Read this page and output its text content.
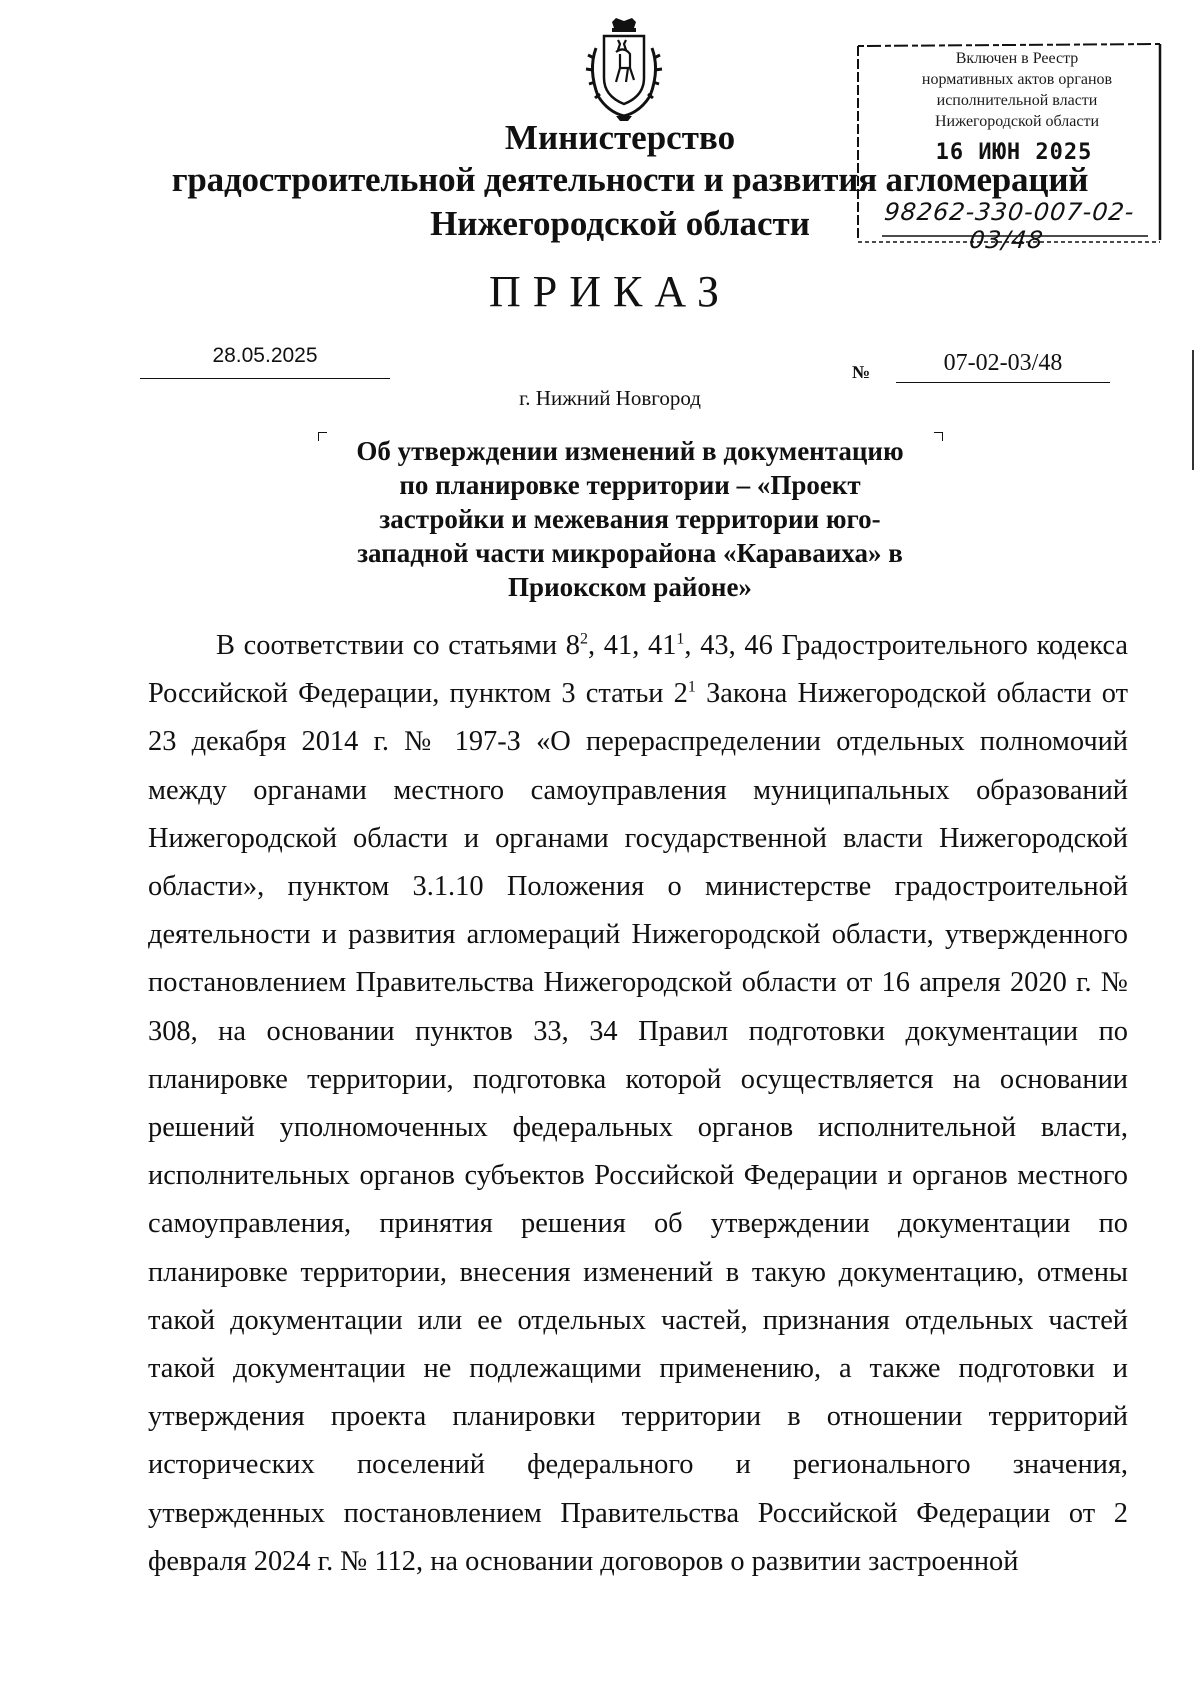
Министерство
градостроительной деятельности и развития агломераций
Нижегородской области
Включен в Реестр
нормативных актов органов
исполнительной власти
Нижегородской области
16 ИЮН 2025
98262-330-007-02-03/48
ПРИКАЗ
28.05.2025
№	07-02-03/48
г. Нижний Новгород
Об утверждении изменений в документацию
по планировке территории – «Проект
застройки и межевания территории юго-
западной части микрорайона «Караваиха» в
Приокском районе»
В соответствии со статьями $8^2$, 41, $41^1$, 43, 46 Градостроительного кодекса Российской Федерации, пунктом 3 статьи $2^1$ Закона Нижегородской области от 23 декабря 2014 г. № 197-З «О перераспределении отдельных полномочий между органами местного самоуправления муниципальных образований Нижегородской области и органами государственной власти Нижегородской области», пунктом 3.1.10 Положения о министерстве градостроительной деятельности и развития агломераций Нижегородской области, утвержденного постановлением Правительства Нижегородской области от 16 апреля 2020 г. № 308, на основании пунктов 33, 34 Правил подготовки документации по планировке территории, подготовка которой осуществляется на основании решений уполномоченных федеральных органов исполнительной власти, исполнительных органов субъектов Российской Федерации и органов местного самоуправления, принятия решения об утверждении документации по планировке территории, внесения изменений в такую документацию, отмены такой документации или ее отдельных частей, признания отдельных частей такой документации не подлежащими применению, а также подготовки и утверждения проекта планировки территории в отношении территорий исторических поселений федерального и регионального значения, утвержденных постановлением Правительства Российской Федерации от 2 февраля 2024 г. № 112, на основании договоров о развитии застроенной
